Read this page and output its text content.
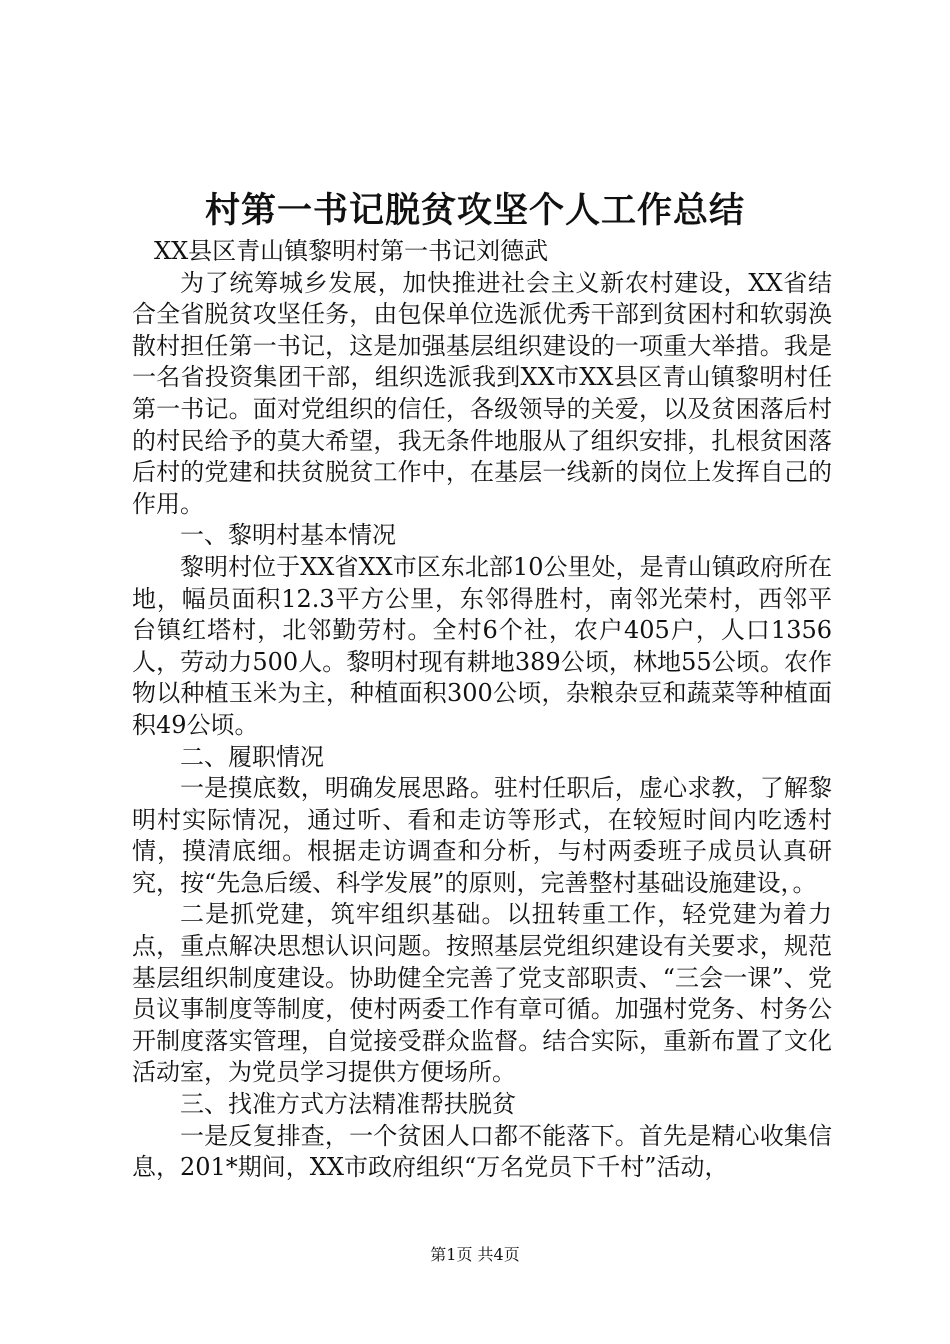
村第一书记脱贫攻坚个人工作总结

XX县区青山镇黎明村第一书记刘德武

为了统筹城乡发展，加快推进社会主义新农村建设，XX省结合全省脱贫攻坚任务，由包保单位选派优秀干部到贫困村和软弱涣散村担任第一书记，这是加强基层组织建设的一项重大举措。我是一名省投资集团干部，组织选派我到XX市XX县区青山镇黎明村任第一书记。面对党组织的信任，各级领导的关爱，以及贫困落后村的村民给予的莫大希望，我无条件地服从了组织安排，扎根贫困落后村的党建和扶贫脱贫工作中，在基层一线新的岗位上发挥自己的作用。

一、黎明村基本情况

黎明村位于XX省XX市区东北部10公里处，是青山镇政府所在地，幅员面积12.3平方公里，东邻得胜村，南邻光荣村，西邻平台镇红塔村，北邻勤劳村。全村6个社，农户405户，人口1356人，劳动力500人。黎明村现有耕地389公顷，林地55公顷。农作物以种植玉米为主，种植面积300公顷，杂粮杂豆和蔬菜等种植面积49公顷。

二、履职情况

一是摸底数，明确发展思路。驻村任职后，虚心求教，了解黎明村实际情况，通过听、看和走访等形式，在较短时间内吃透村情，摸清底细。根据走访调查和分析，与村两委班子成员认真研究，按“先急后缓、科学发展”的原则，完善整村基础设施建设，。

二是抓党建，筑牢组织基础。以扭转重工作，轻党建为着力点，重点解决思想认识问题。按照基层党组织建设有关要求，规范基层组织制度建设。协助健全完善了党支部职责、“三会一课”、党员议事制度等制度，使村两委工作有章可循。加强村党务、村务公开制度落实管理，自觉接受群众监督。结合实际，重新布置了文化活动室，为党员学习提供方便场所。

三、找准方式方法精准帮扶脱贫

一是反复排查，一个贫困人口都不能落下。首先是精心收集信息，201*期间，XX市政府组织“万名党员下千村”活动，

第1页 共4页
